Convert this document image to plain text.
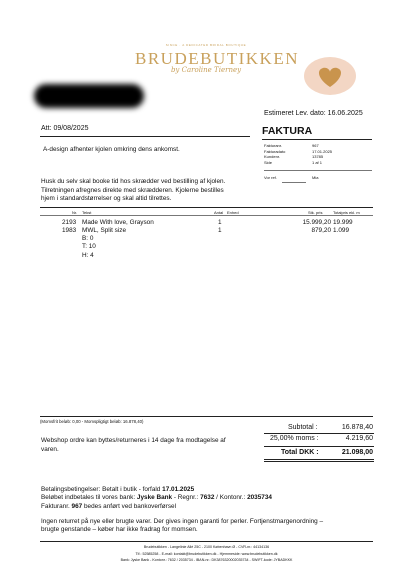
SINCE · A DEDICATED BRIDAL BOUTIQUE
BRUDEBUTIKKEN
by Caroline Tierney
Estimeret Lev. dato: 16.06.2025
Att: 09/08/2025	FAKTURA
Fakturanr.	967
Fakturadato	17.01.2025
Kundenr.	13785
Side	1 af 1
Vor ref.	Mia
A-design afhenter kjolen omkring dens ankomst.
Husk du selv skal booke tid hos skrædder ved bestilling af kjolen.
Tilretningen afregnes direkte med skrædderen. Kjolerne bestilles
hjem i standardstørrelser og skal altid tilrettes.
Nr. Tekst	Antal Enhed	Stk. pris	Totalpris ekl. m
2193 Made With love, Grayson	1	15.999,20 19.999
1983 MWL, Split size	1	879,20 1.099
B: 0
T: 10
H: 4
(Momsfrit beløb: 0,00 - Momspligtigt beløb: 16.878,40)
Subtotal :	16.878,40
25,00% moms :	4.219,60
Total DKK :	21.098,00
Webshop ordre kan byttes/returneres i 14 dage fra modtagelse af
varen.
Betalingsbetingelser: Betalt i butik - forfald 17.01.2025
Beløbet indbetales til vores bank: Jyske Bank - Regnr.: 7632 / Kontonr.: 2035734
Fakturanr. 967 bedes anført ved bankoverførsel
Ingen returret på nye eller brugte varer. Der gives ingen garanti for perler. Fortjenstmargenordning –
brugte genstande – køber har ikke fradrag for momsen.
Brudebutikken - Langelinie Allé 25C - 2100 København Ø - CVR-nr.: 44134136
Tlf.: 52585258 - E-mail: kontakt@brudebutikken.dk - Hjemmeside: www.brudebutikken.dk
Bank: Jyske Bank - Kontonr.: 7632 / 2035734 - IBAN-nr.: DK3876320002035734 - SWIFT-kode: JYBADKKK
